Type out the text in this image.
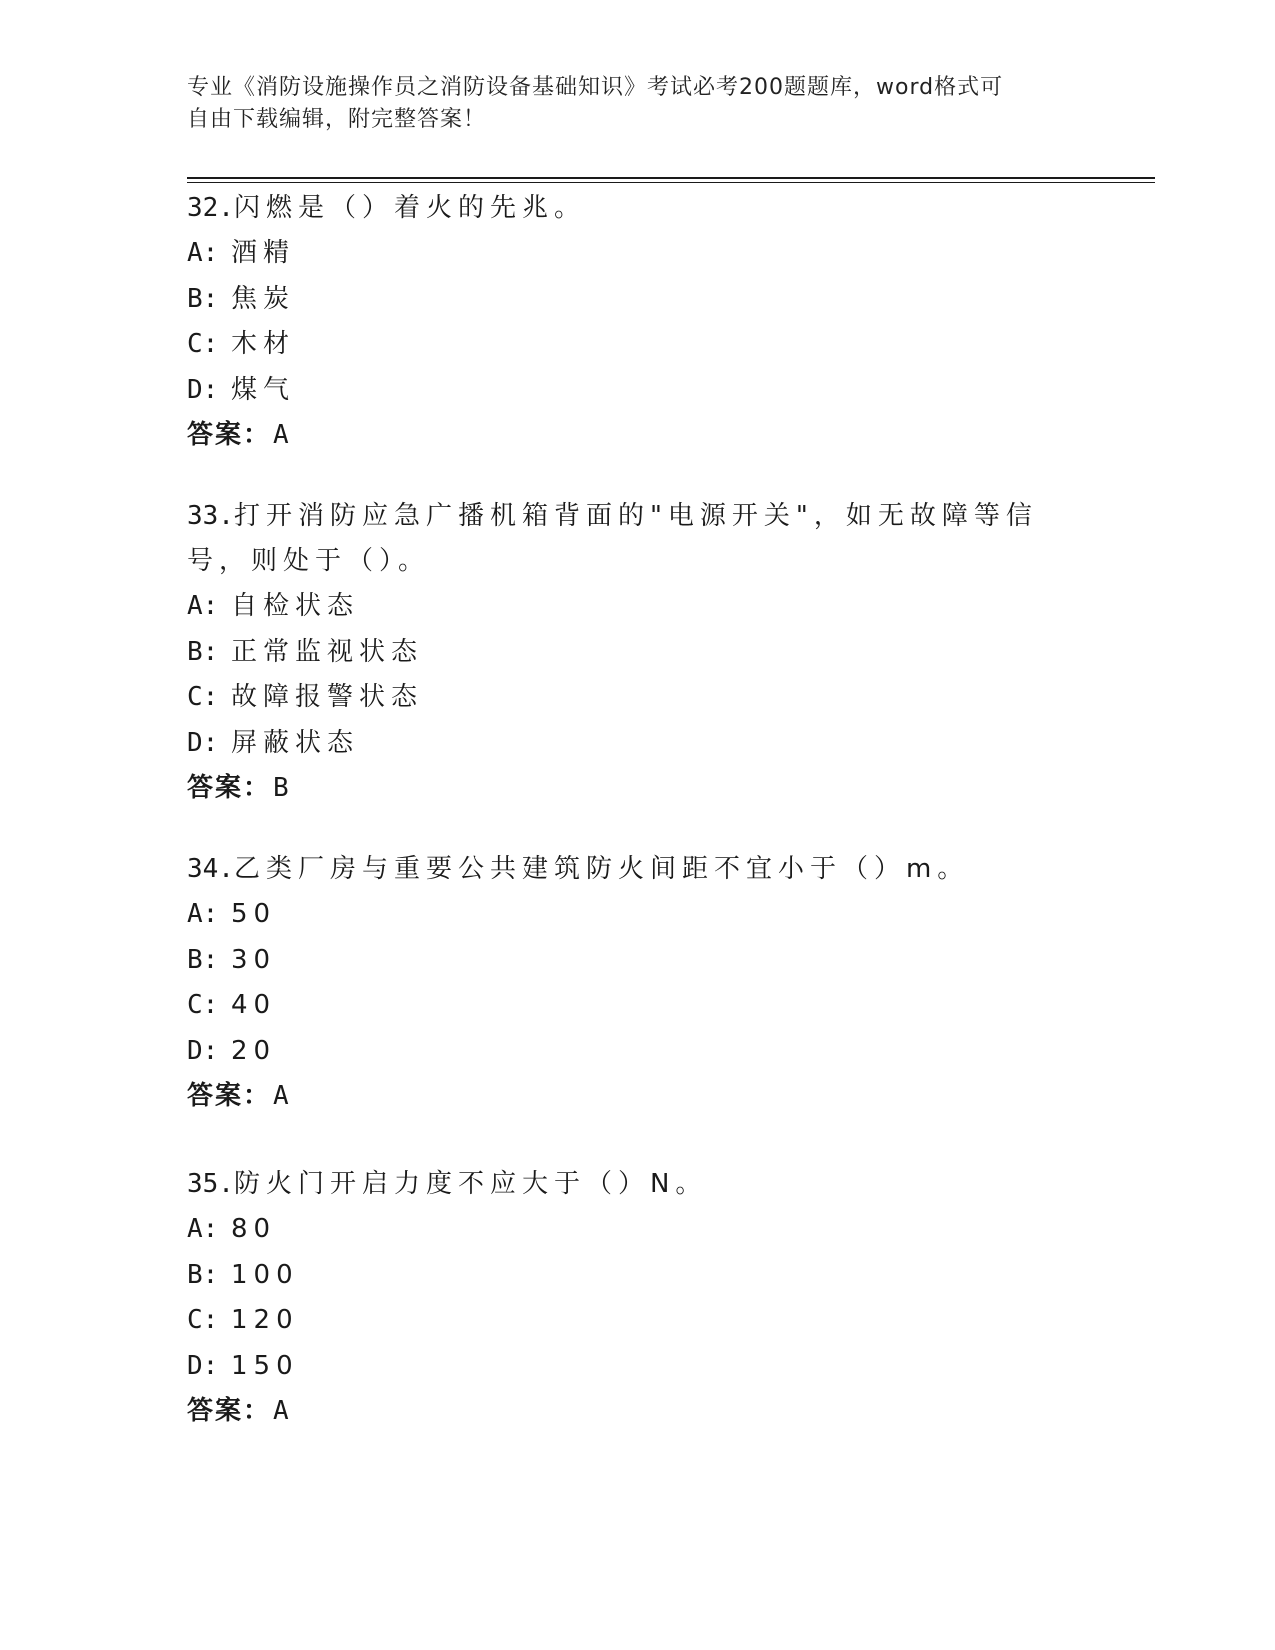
专业《消防设施操作员之消防设备基础知识》考试必考200题题库，word格式可
自由下载编辑，附完整答案！

32.闪燃是（）着火的先兆。

A: 酒精
B: 焦炭
C: 木材
D: 煤气
答案 ： A

33.打开消防应急广播机箱背面的"电源开关"，如无故障等信号，则处于（）。

A: 自检状态
B: 正常监视状态
C: 故障报警状态
D: 屏蔽状态
答案 ： B

34.乙类厂房与重要公共建筑防火间距不宜小于（）m。

A: 50
B: 30
C: 40
D: 20
答案 ： A

35.防火门开启力度不应大于（）N。

A: 80
B: 100
C: 120
D: 150
答案 ： A
